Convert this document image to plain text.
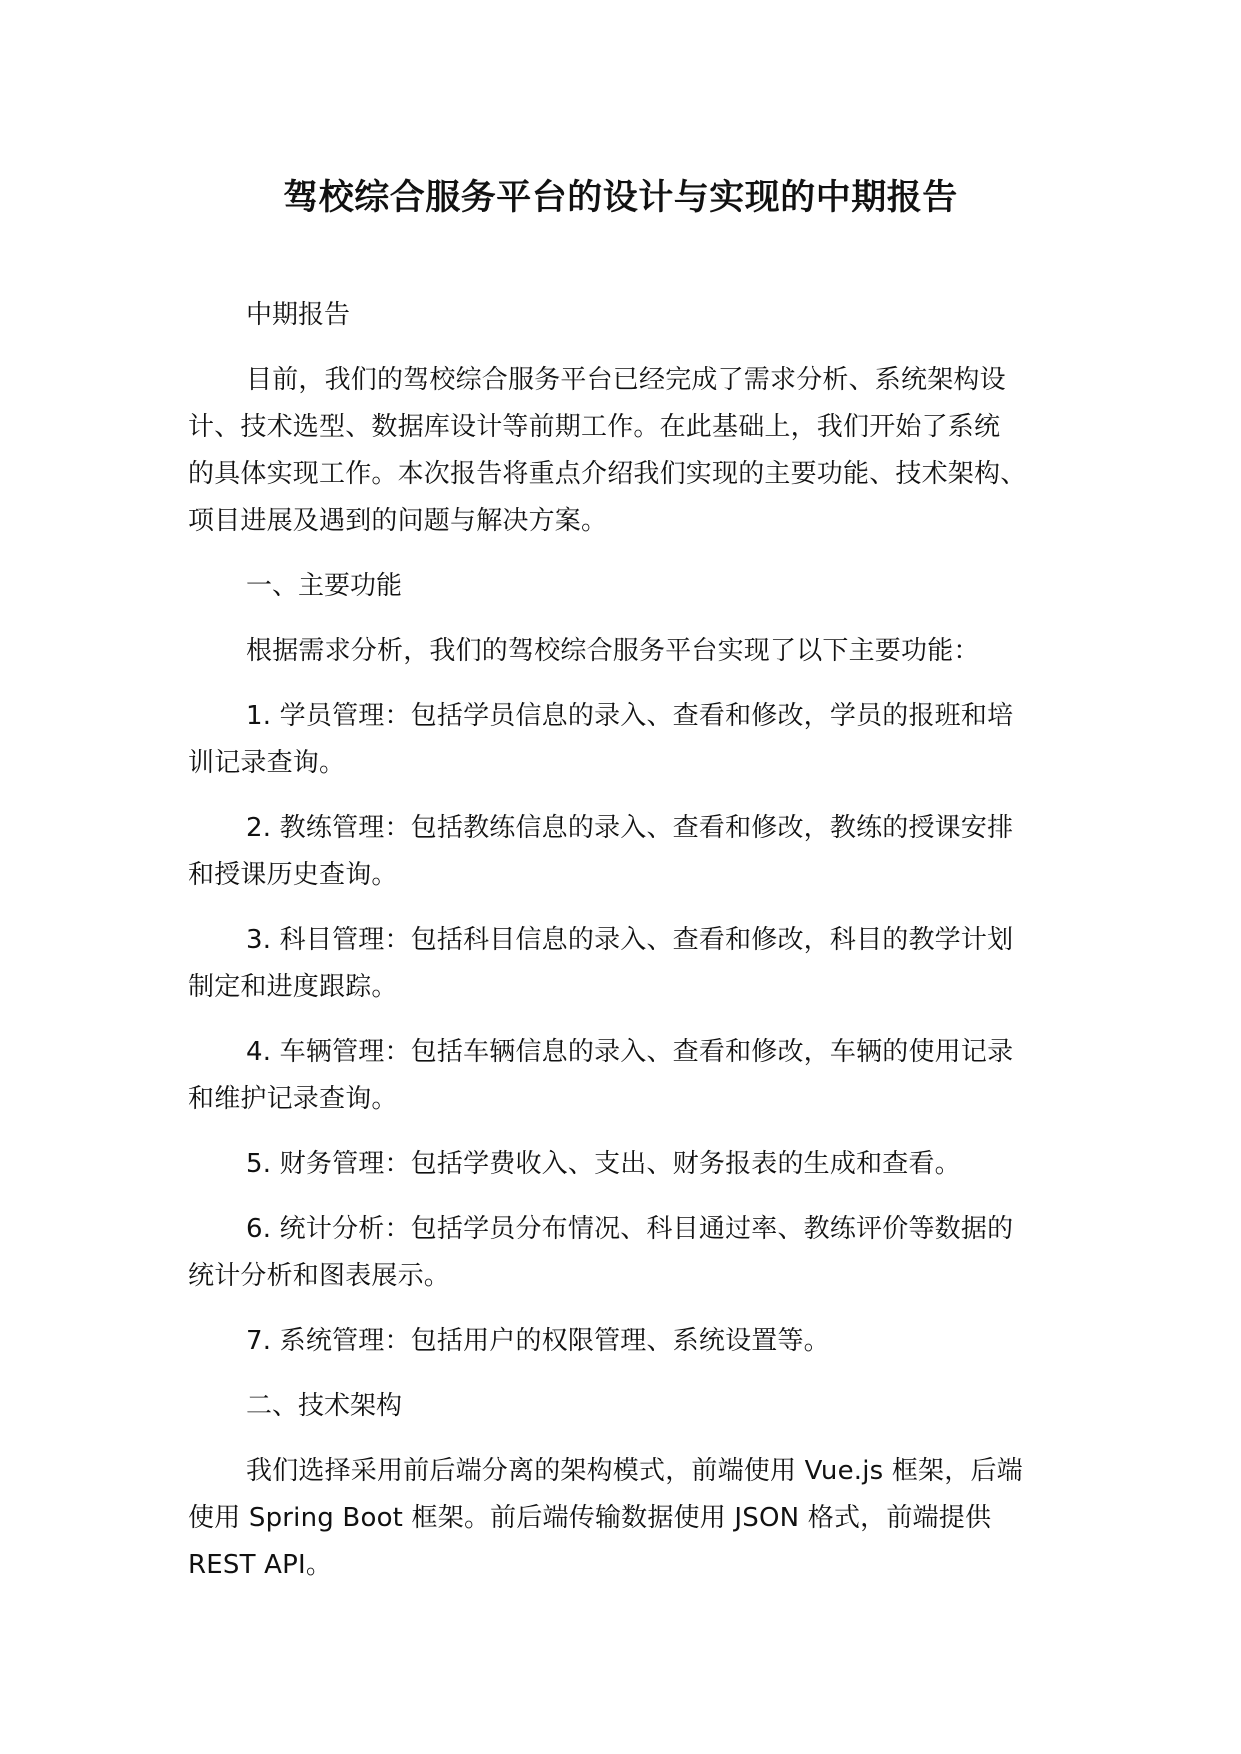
驾校综合服务平台的设计与实现的中期报告

中期报告

目前，我们的驾校综合服务平台已经完成了需求分析、系统架构设
计、技术选型、数据库设计等前期工作。在此基础上，我们开始了系统
的具体实现工作。本次报告将重点介绍我们实现的主要功能、技术架构、
项目进展及遇到的问题与解决方案。

一、主要功能

根据需求分析，我们的驾校综合服务平台实现了以下主要功能：

1. 学员管理：包括学员信息的录入、查看和修改，学员的报班和培
训记录查询。

2. 教练管理：包括教练信息的录入、查看和修改，教练的授课安排
和授课历史查询。

3. 科目管理：包括科目信息的录入、查看和修改，科目的教学计划
制定和进度跟踪。

4. 车辆管理：包括车辆信息的录入、查看和修改，车辆的使用记录
和维护记录查询。

5. 财务管理：包括学费收入、支出、财务报表的生成和查看。

6. 统计分析：包括学员分布情况、科目通过率、教练评价等数据的
统计分析和图表展示。

7. 系统管理：包括用户的权限管理、系统设置等。

二、技术架构

我们选择采用前后端分离的架构模式，前端使用 Vue.js 框架，后端
使用 Spring Boot 框架。前后端传输数据使用 JSON 格式，前端提供
REST API。
